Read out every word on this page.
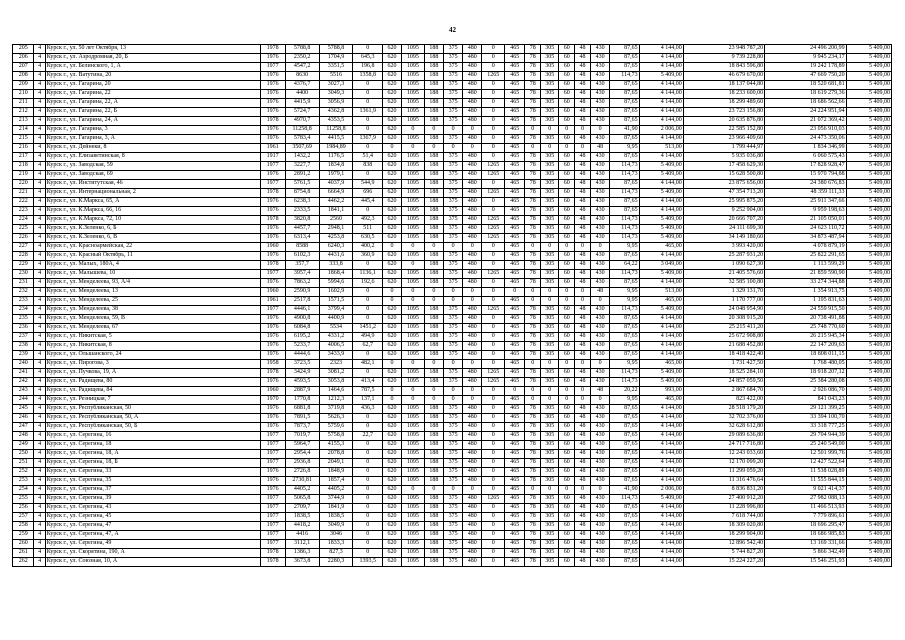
42
205	4	Курск г., ул. 50 лет Октября, 13	1978	5788,8	5788,8	0	620	1095	188	375	480	0	465	78	305	60	48	430	87,65	4 144,00	23 948 787,20	24 496 200,99	5 409,00
206	4	Курск г., ул. Аэродромная, 20, Б	1976	2350,2	1704,9	645,3	620	1095	188	375	480	0	465	78	305	60	48	430	87,65	4 144,00	9 739 228,80	9 945 234,17	5 409,00
207	4	Курск г., ул. Белинского, 1, А	1977	4547,2	3351,5	196,8	620	1095	188	375	480	0	465	78	305	60	48	430	87,65	4 144,00	18 843 596,80	19 242 178,89	5 409,00
208	4	Курск г., ул. Ватутина, 20	1976	8630	5516	1358,8	620	1095	188	375	480	1265	465	78	305	60	48	430	114,73	5 409,00	46 679 670,00	47 669 750,20	5 409,00
209	4	Курск г., ул. Гагарина, 20	1976	4376,7	3027,3	0	620	1095	188	375	480	0	465	78	305	60	48	430	87,65	4 144,00	18 137 044,80	18 520 681,81	5 409,00
210	4	Курск г., ул. Гагарина, 22	1976	4400	3049,3	0	620	1095	188	375	480	0	465	78	305	60	48	430	87,65	4 144,00	18 233 600,00	18 619 279,36	5 409,00
211	4	Курск г., ул. Гагарина, 22, А	1976	4415,9	3056,9	0	620	1095	188	375	480	0	465	78	305	60	48	430	87,65	4 144,00	18 299 489,60	18 686 562,66	5 409,00
212	4	Курск г., ул. Гагарина, 22, Б	1976	5724,7	4362,8	1361,9	620	1095	188	375	480	0	465	78	305	60	48	430	87,65	4 144,00	23 723 156,80	24 224 951,94	5 409,00
213	4	Курск г., ул. Гагарина, 24, А	1978	4970,7	4353,5	0	620	1095	188	375	480	0	465	78	305	60	48	430	87,65	4 144,00	20 635 876,80	21 072 369,42	5 409,00
214	4	Курск г., ул. Гагарина, 3	1976	11258,8	11258,8	0	620	0	0	0	0	0	465	0	0	0	0	0	41,90	2 006,00	22 585 152,80	23 056 910,03	5 409,00
215	4	Курск г., ул. Гагарина, 3, А	1976	5783,4	4415,5	1367,9	620	1095	188	375	480	0	465	78	305	60	48	430	87,65	4 144,00	23 966 409,60	24 473 350,06	5 409,00
216	4	Курск г., ул. Дейнеки, 8	1961	3507,69	1984,89	0	0	0	0	0	0	0	465	0	0	0	0	48	9,95	513,00	1 799 444,97	1 834 346,99	5 409,00
217	4	Курск г., ул. Елизаветинская, 8	1917	1432,2	1176,5	51,4	620	1095	188	375	480	0	465	78	305	60	48	430	87,65	4 144,00	5 935 036,80	6 060 575,43	5 409,00
218	4	Курск г., ул. Заводская, 59	1977	3227,7	1834,8	838	620	1095	188	375	480	1265	465	78	305	60	48	430	114,73	5 409,00	17 458 629,30	17 828 928,47	5 409,00
219	4	Курск г., ул. Заводская, 69	1976	2891,2	1979,1	0	620	1095	188	375	480	1265	465	78	305	60	48	430	114,73	5 409,00	15 628 500,80	15 970 794,88	5 409,00
220	4	Курск г., ул. Институтская, 46	1977	5761,5	4037,9	544,9	620	1095	188	375	480	0	465	78	305	60	48	430	87,65	4 144,00	23 875 656,00	24 380 676,83	5 409,00
221	4	Курск г., ул. Интернациональная, 2	1978	8754,8	6664,9	696	620	1095	188	375	480	1265	465	78	305	60	48	430	114,73	5 409,00	47 354 713,20	48 359 111,33	5 409,00
222	4	Курск г., ул. К.Маркса, 65, А	1976	6238,3	4462,2	445,4	620	1095	188	375	480	0	465	78	305	60	48	430	87,65	4 144,00	25 995 875,20	25 911 347,66	5 409,00
223	4	Курск г., ул. К.Маркса, 66, 16	1976	2333,5	1841,1	0	620	1095	188	375	480	0	465	78	305	60	48	430	87,65	4 144,00	9 252 904,00	9 959 198,63	5 409,00
224	4	Курск г., ул. К.Маркса, 72, 10	1978	3820,8	2560	492,3	620	1095	188	375	480	1265	465	78	305	60	48	430	114,73	5 409,00	20 666 707,20	21 105 050,01	5 409,00
225	4	Курск г., ул. К.Зеленко, 6, Б	1976	4457,7	2948,1	511	620	1095	188	375	480	1265	465	78	305	60	48	430	114,73	5 409,00	24 111 699,30	24 623 110,72	5 409,00
226	4	Курск г., ул. К.Зеленко, 6, В	1976	6313,4	4253,8	630,5	620	1095	188	375	480	1265	465	78	305	60	48	430	114,73	5 409,00	34 149 180,60	34 873 487,94	5 409,00
227	4	Курск г., ул. Красноармейская, 22	1960	8588	6240,3	400,2	0	0	0	0	0	0	465	0	0	0	0	0	9,95	465,00	3 993 420,00	4 078 879,19	5 409,00
228	4	Курск г., ул. Красный Октябрь, 11	1976	6102,3	4431,6	360,9	620	1095	188	375	480	0	465	78	305	60	48	430	87,65	4 144,00	25 287 931,20	25 822 291,65	5 409,00
229	4	Курск г., ул. Малых, 180А, 4	1978	357,7	333,8	0	620	0	188	375	480	0	465	78	305	60	48	430	64,22	3 049,00	1 090 627,30	1 113 599,29	5 409,00
230	4	Курск г., ул. Малышева, 10	1977	3957,4	1868,4	1136,1	620	1095	188	375	480	1265	465	78	305	60	48	430	114,73	5 409,00	21 405 576,60	21 859 590,90	5 409,00
231	4	Курск г., ул. Менделеева, 93, А/4	1976	7863,2	5994,6	192,6	620	1095	188	375	480	0	465	78	305	60	48	430	87,65	4 144,00	32 585 100,80	33 274 344,88	5 409,00
232	4	Курск г., ул. Менделеева, 13	1960	2590,9	1602,9	0	0	0	0	0	0	0	0	0	0	0	0	48	9,95	513,00	1 329 131,70	1 354 913,75	5 409,00
233	4	Курск г., ул. Менделеева, 25	1961	2517,8	1571,5	0	0	0	0	0	0	0	465	0	0	0	0	0	9,95	465,00	1 170 777,00	1 195 831,63	5 409,00
234	4	Курск г., ул. Менделеева, 38	1977	4446,1	3799,4	0	620	1095	188	375	480	1265	465	78	305	60	48	430	114,73	5 409,00	24 048 954,90	24 559 915,50	5 409,00
235	4	Курск г., ул. Менделеева, 59, В	1976	4900,8	4400,9	0	620	1095	188	375	480	0	465	78	305	60	48	430	87,65	4 144,00	20 308 915,20	20 738 491,88	5 409,00
236	4	Курск г., ул. Менделеева, 67	1976	6084,8	5534	1451,2	620	1095	188	375	480	0	465	78	305	60	48	430	87,65	4 144,00	25 215 411,20	25 748 770,60	5 409,00
237	4	Курск г., ул. Никитская, 5	1976	6195,2	4331,2	494,9	620	1095	188	375	480	0	465	78	305	60	48	430	87,65	4 144,00	25 672 908,80	26 215 945,34	5 409,00
238	4	Курск г., ул. Никитская, 8	1976	5233,7	4006,5	62,7	620	1095	188	375	480	0	465	78	305	60	48	430	87,65	4 144,00	21 688 452,80	22 147 209,63	5 409,00
239	4	Курск г., ул. Ольшанского, 24	1976	4444,6	3433,9	0	620	1095	188	375	480	0	465	78	305	60	48	430	87,65	4 144,00	18 418 422,40	18 808 011,15	5 409,00
240	4	Курск г., ул. Пирогова, 3	1958	3723,5	2323	482,1	0	0	0	0	0	0	465	0	0	0	0	0	9,95	465,00	1 731 427,50	1 768 480,05	5 409,00
241	4	Курск г., ул. Пучкова, 19, А	1978	3424,9	3081,2	0	620	1095	188	375	480	1265	465	78	305	60	48	430	114,73	5 409,00	18 525 284,10	18 918 207,12	5 409,00
242	4	Курск г., ул. Радищева, 80	1976	4593,5	3053,8	413,4	620	1095	188	375	480	1265	465	78	305	60	48	430	114,73	5 409,00	24 857 059,50	25 384 280,08	5 409,00
243	4	Курск г., ул. Радищева, 84	1960	2887,9	1464,6	787,5	0	0	0	0	0	0	0	0	0	0	0	48	20,22	993,00	2 867 684,70	2 926 086,70	5 409,00
244	4	Курск г., ул. Резницкая, 7	1970	1770,8	1212,3	137,1	0	0	0	0	0	0	465	0	0	0	0	0	9,95	465,00	823 422,00	841 043,23	5 409,00
245	4	Курск г., ул. Республиканская, 50	1976	6881,8	3719,8	436,3	620	1095	188	375	480	0	465	78	305	60	48	430	87,65	4 144,00	28 518 179,20	29 121 399,25	5 409,00
246	4	Курск г., ул. Республиканская, 50, А	1976	7891,5	5626,3	0	620	1095	188	375	480	0	465	78	305	60	48	430	87,65	4 144,00	32 702 376,00	33 394 100,70	5 409,00
247	4	Курск г., ул. Республиканская, 50, Б	1976	7873,7	5759,6	0	620	1095	188	375	480	0	465	78	305	60	48	430	87,65	4 144,00	32 628 612,80	33 318 777,25	5 409,00
248	4	Курск г., ул. Серегина, 16	1977	7019,7	5758,8	22,7	620	1095	188	375	480	0	465	78	305	60	48	430	87,65	4 144,00	29 089 636,80	29 704 944,39	5 409,00
249	4	Курск г., ул. Серегина, 18	1977	5964,7	4155,3	0	620	1095	188	375	480	0	465	78	305	60	48	430	87,65	4 144,00	24 717 716,80	25 240 549,00	5 409,00
250	4	Курск г., ул. Серегина, 18, А	1977	2954,4	2078,8	0	620	1095	188	375	480	0	465	78	305	60	48	430	87,65	4 144,00	12 243 033,60	12 501 999,76	5 409,00
251	4	Курск г., ул. Серегина, 18, Б	1977	2936,8	2049,1	0	620	1095	188	375	480	0	465	78	305	60	48	430	87,65	4 144,00	12 170 099,20	12 427 522,64	5 409,00
252	4	Курск г., ул. Серегина, 33	1976	2726,8	1848,9	0	620	1095	188	375	480	0	465	78	305	60	48	430	87,65	4 144,00	11 299 059,20	11 538 028,89	5 409,00
253	4	Курск г., ул. Серегина, 35	1976	2730,81	1857,4	0	620	1095	188	375	480	0	465	78	305	60	48	430	87,65	4 144,00	11 316 476,64	11 555 844,15	5 409,00
254	4	Курск г., ул. Серегина, 37	1976	4405,2	4405,2	0	620	0	0	0	0	0	465	0	0	0	0	0	41,90	2 006,00	8 836 831,20	9 021 414,37	5 409,00
255	4	Курск г., ул. Серегина, 39	1977	5065,8	3744,9	0	620	1095	188	375	480	1265	465	78	305	60	48	430	114,73	5 409,00	27 400 912,20	27 982 088,13	5 409,00
256	4	Курск г., ул. Серегина, 43	1977	2709,7	1841,9	0	620	1095	188	375	480	0	465	78	305	60	48	430	87,65	4 144,00	11 228 996,80	11 466 513,93	5 409,00
257	4	Курск г., ул. Серегина, 45	1977	1838,5	1838,5	0	620	1095	188	375	480	0	465	78	305	60	48	430	87,65	4 144,00	7 618 744,00	7 779 896,61	5 409,00
258	4	Курск г., ул. Серегина, 47	1977	4418,2	3049,9	0	620	1095	188	375	480	0	465	78	305	60	48	430	87,65	4 144,00	18 309 020,80	18 696 295,47	5 409,00
259	4	Курск г., ул. Серегина, 47, А	1977	4416	3046	0	620	1095	188	375	480	0	465	78	305	60	48	430	87,65	4 144,00	18 299 904,00	18 686 985,83	5 409,00
260	4	Курск г., ул. Серегина, 49	1977	3112,1	1833,3	0	620	1095	188	375	480	0	465	78	305	60	48	430	87,65	4 144,00	12 896 542,40	13 169 331,66	5 409,00
261	4	Курск г., ул. Скорятина, 190, А	1978	1386,3	827,3	0	620	1095	188	375	480	0	465	78	305	60	48	430	87,65	4 144,00	5 744 827,20	5 866 342,49	5 409,00
262	4	Курск г., ул. Союзная, 10, А	1978	3673,8	2280,3	1393,5	620	1095	188	375	480	0	465	78	305	60	48	430	87,65	4 144,00	15 224 227,20	15 546 251,93	5 409,00
